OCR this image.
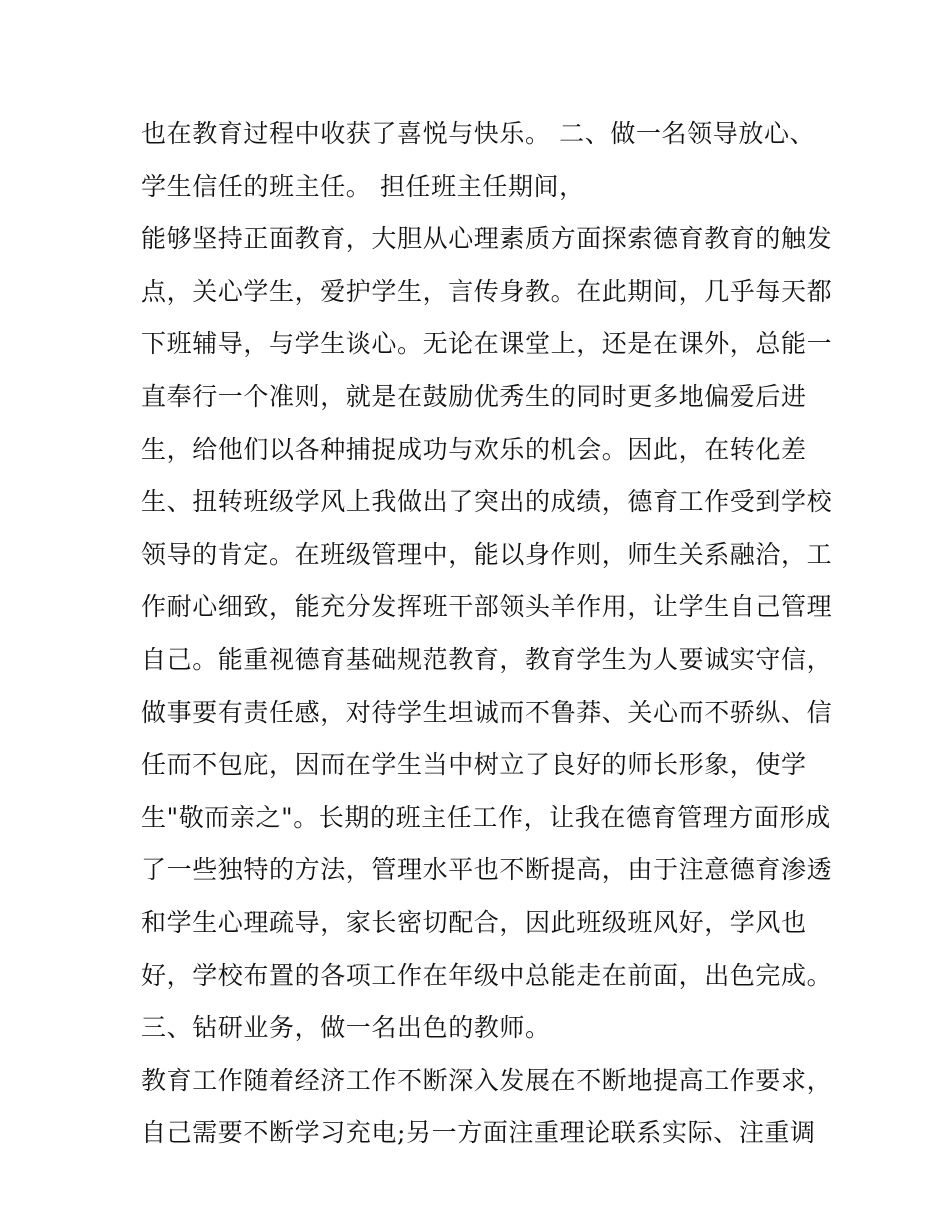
也在教育过程中收获了喜悦与快乐。 二、做一名领导放心、
学生信任的班主任。 担任班主任期间，
能够坚持正面教育，大胆从心理素质方面探索德育教育的触发
点，关心学生，爱护学生，言传身教。在此期间，几乎每天都
下班辅导，与学生谈心。无论在课堂上，还是在课外，总能一
直奉行一个准则，就是在鼓励优秀生的同时更多地偏爱后进
生，给他们以各种捕捉成功与欢乐的机会。因此，在转化差
生、扭转班级学风上我做出了突出的成绩，德育工作受到学校
领导的肯定。在班级管理中，能以身作则，师生关系融洽，工
作耐心细致，能充分发挥班干部领头羊作用，让学生自己管理
自己。能重视德育基础规范教育，教育学生为人要诚实守信，
做事要有责任感，对待学生坦诚而不鲁莽、关心而不骄纵、信
任而不包庇，因而在学生当中树立了良好的师长形象，使学
生"敬而亲之"。长期的班主任工作，让我在德育管理方面形成
了一些独特的方法，管理水平也不断提高，由于注意德育渗透
和学生心理疏导，家长密切配合，因此班级班风好，学风也
好，学校布置的各项工作在年级中总能走在前面，出色完成。
三、钻研业务，做一名出色的教师。
教育工作随着经济工作不断深入发展在不断地提高工作要求，
自己需要不断学习充电;另一方面注重理论联系实际、注重调
